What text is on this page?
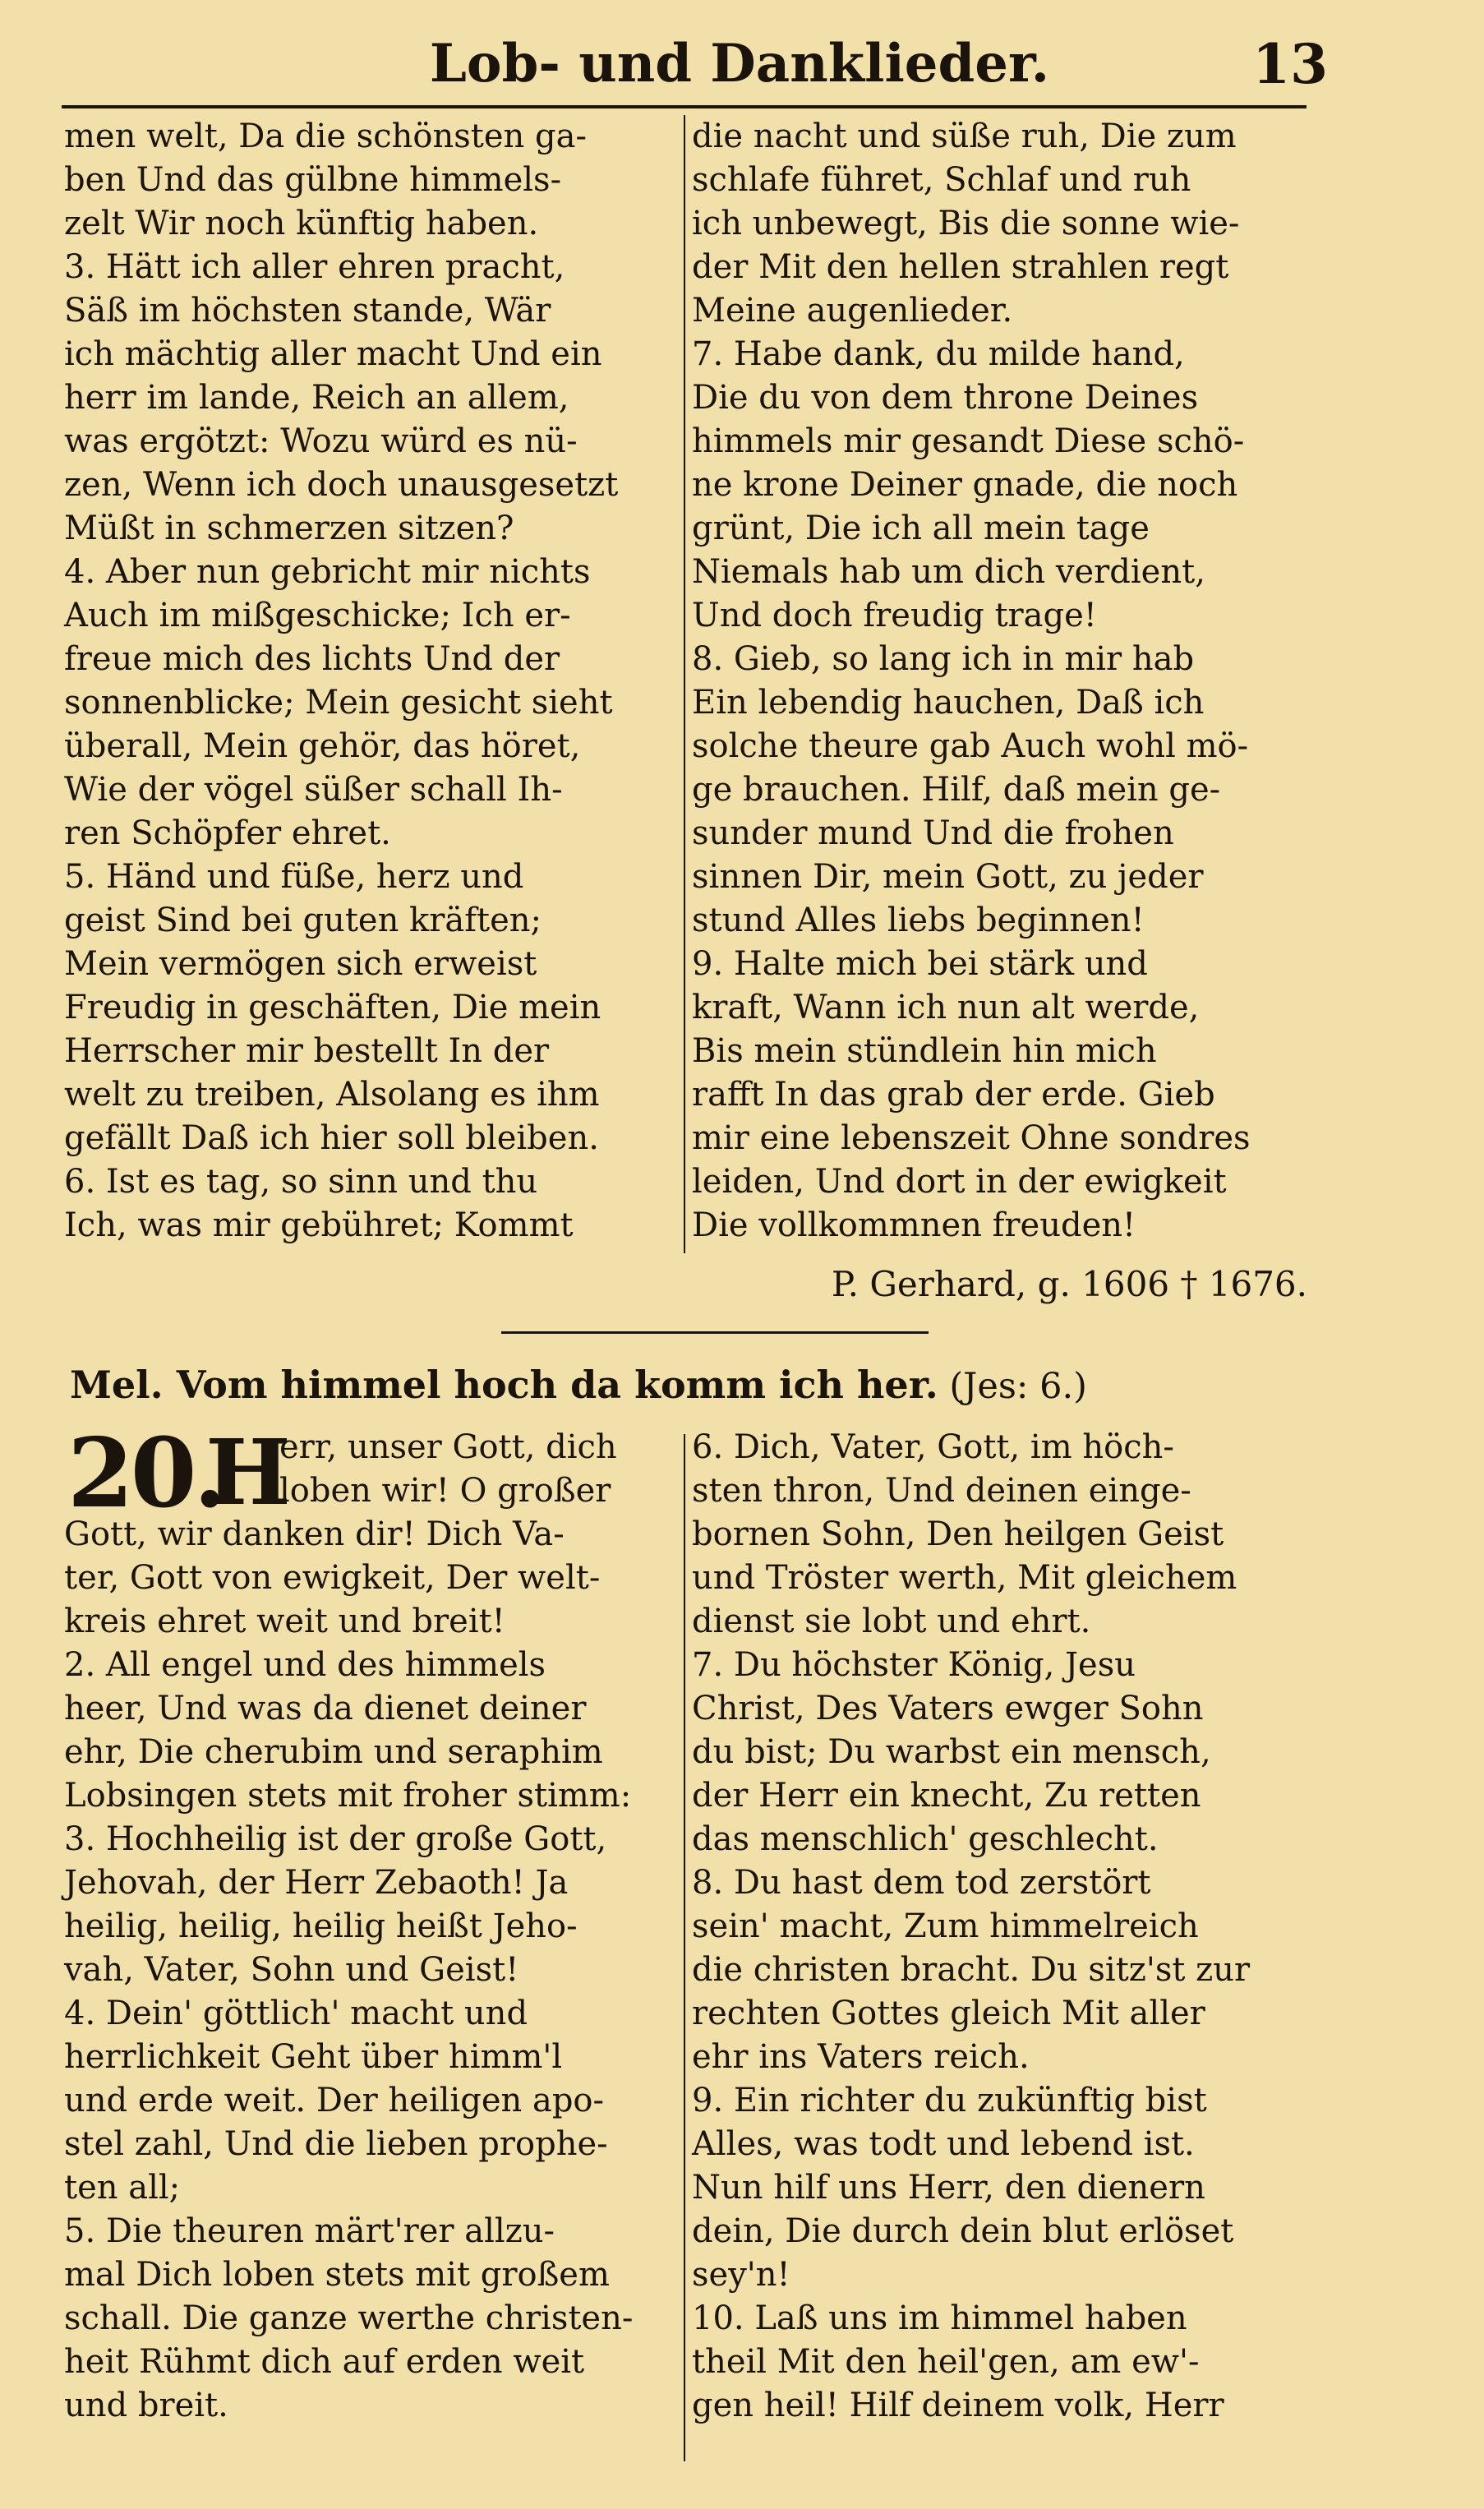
Lob- und Danklieder.	13

men welt, Da die schönsten ga-

ben Und das gülbne himmels-

zelt Wir noch künftig haben.

3. Hätt ich aller ehren pracht,

Säß im höchsten stande, Wär

ich mächtig aller macht Und ein

herr im lande, Reich an allem,

was ergötzt: Wozu würd es nü-

zen, Wenn ich doch unausgesetzt

Müßt in schmerzen sitzen?

4. Aber nun gebricht mir nichts

Auch im mißgeschicke; Ich er-

freue mich des lichts Und der

sonnenblicke; Mein gesicht sieht

überall, Mein gehör, das höret,

Wie der vögel süßer schall Ih-

ren Schöpfer ehret.

5. Händ und füße, herz und

geist Sind bei guten kräften;

Mein vermögen sich erweist

Freudig in geschäften, Die mein

Herrscher mir bestellt In der

welt zu treiben, Alsolang es ihm

gefällt Daß ich hier soll bleiben.

6. Ist es tag, so sinn und thu

Ich, was mir gebühret; Kommt

die nacht und süße ruh, Die zum

schlafe führet, Schlaf und ruh

ich unbewegt, Bis die sonne wie-

der Mit den hellen strahlen regt

Meine augenlieder.

7. Habe dank, du milde hand,

Die du von dem throne Deines

himmels mir gesandt Diese schö-

ne krone Deiner gnade, die noch

grünt, Die ich all mein tage

Niemals hab um dich verdient,

Und doch freudig trage!

8. Gieb, so lang ich in mir hab

Ein lebendig hauchen, Daß ich

solche theure gab Auch wohl mö-

ge brauchen. Hilf, daß mein ge-

sunder mund Und die frohen

sinnen Dir, mein Gott, zu jeder

stund Alles liebs beginnen!

9. Halte mich bei stärk und

kraft, Wann ich nun alt werde,

Bis mein stündlein hin mich

rafft In das grab der erde. Gieb

mir eine lebenszeit Ohne sondres

leiden, Und dort in der ewigkeit

Die vollkommnen freuden!

P. Gerhard, g. 1606 † 1676.
Mel. Vom himmel hoch da komm ich her. (Jes: 6.)
20.
H

err, unser Gott, dich

loben wir! O großer

Gott, wir danken dir! Dich Va-

ter, Gott von ewigkeit, Der welt-

kreis ehret weit und breit!

2. All engel und des himmels

heer, Und was da dienet deiner

ehr, Die cherubim und seraphim

Lobsingen stets mit froher stimm:

3. Hochheilig ist der große Gott,

Jehovah, der Herr Zebaoth! Ja

heilig, heilig, heilig heißt Jeho-

vah, Vater, Sohn und Geist!

4. Dein' göttlich' macht und

herrlichkeit Geht über himm'l

und erde weit. Der heiligen apo-

stel zahl, Und die lieben prophe-

ten all;

5. Die theuren märt'rer allzu-

mal Dich loben stets mit großem

schall. Die ganze werthe christen-

heit Rühmt dich auf erden weit

und breit.

6. Dich, Vater, Gott, im höch-

sten thron, Und deinen einge-

bornen Sohn, Den heilgen Geist

und Tröster werth, Mit gleichem

dienst sie lobt und ehrt.

7. Du höchster König, Jesu

Christ, Des Vaters ewger Sohn

du bist; Du warbst ein mensch,

der Herr ein knecht, Zu retten

das menschlich' geschlecht.

8. Du hast dem tod zerstört

sein' macht, Zum himmelreich

die christen bracht. Du sitz'st zur

rechten Gottes gleich Mit aller

ehr ins Vaters reich.

9. Ein richter du zukünftig bist

Alles, was todt und lebend ist.

Nun hilf uns Herr, den dienern

dein, Die durch dein blut erlöset

sey'n!

10. Laß uns im himmel haben

theil Mit den heil'gen, am ew'-

gen heil! Hilf deinem volk, Herr
